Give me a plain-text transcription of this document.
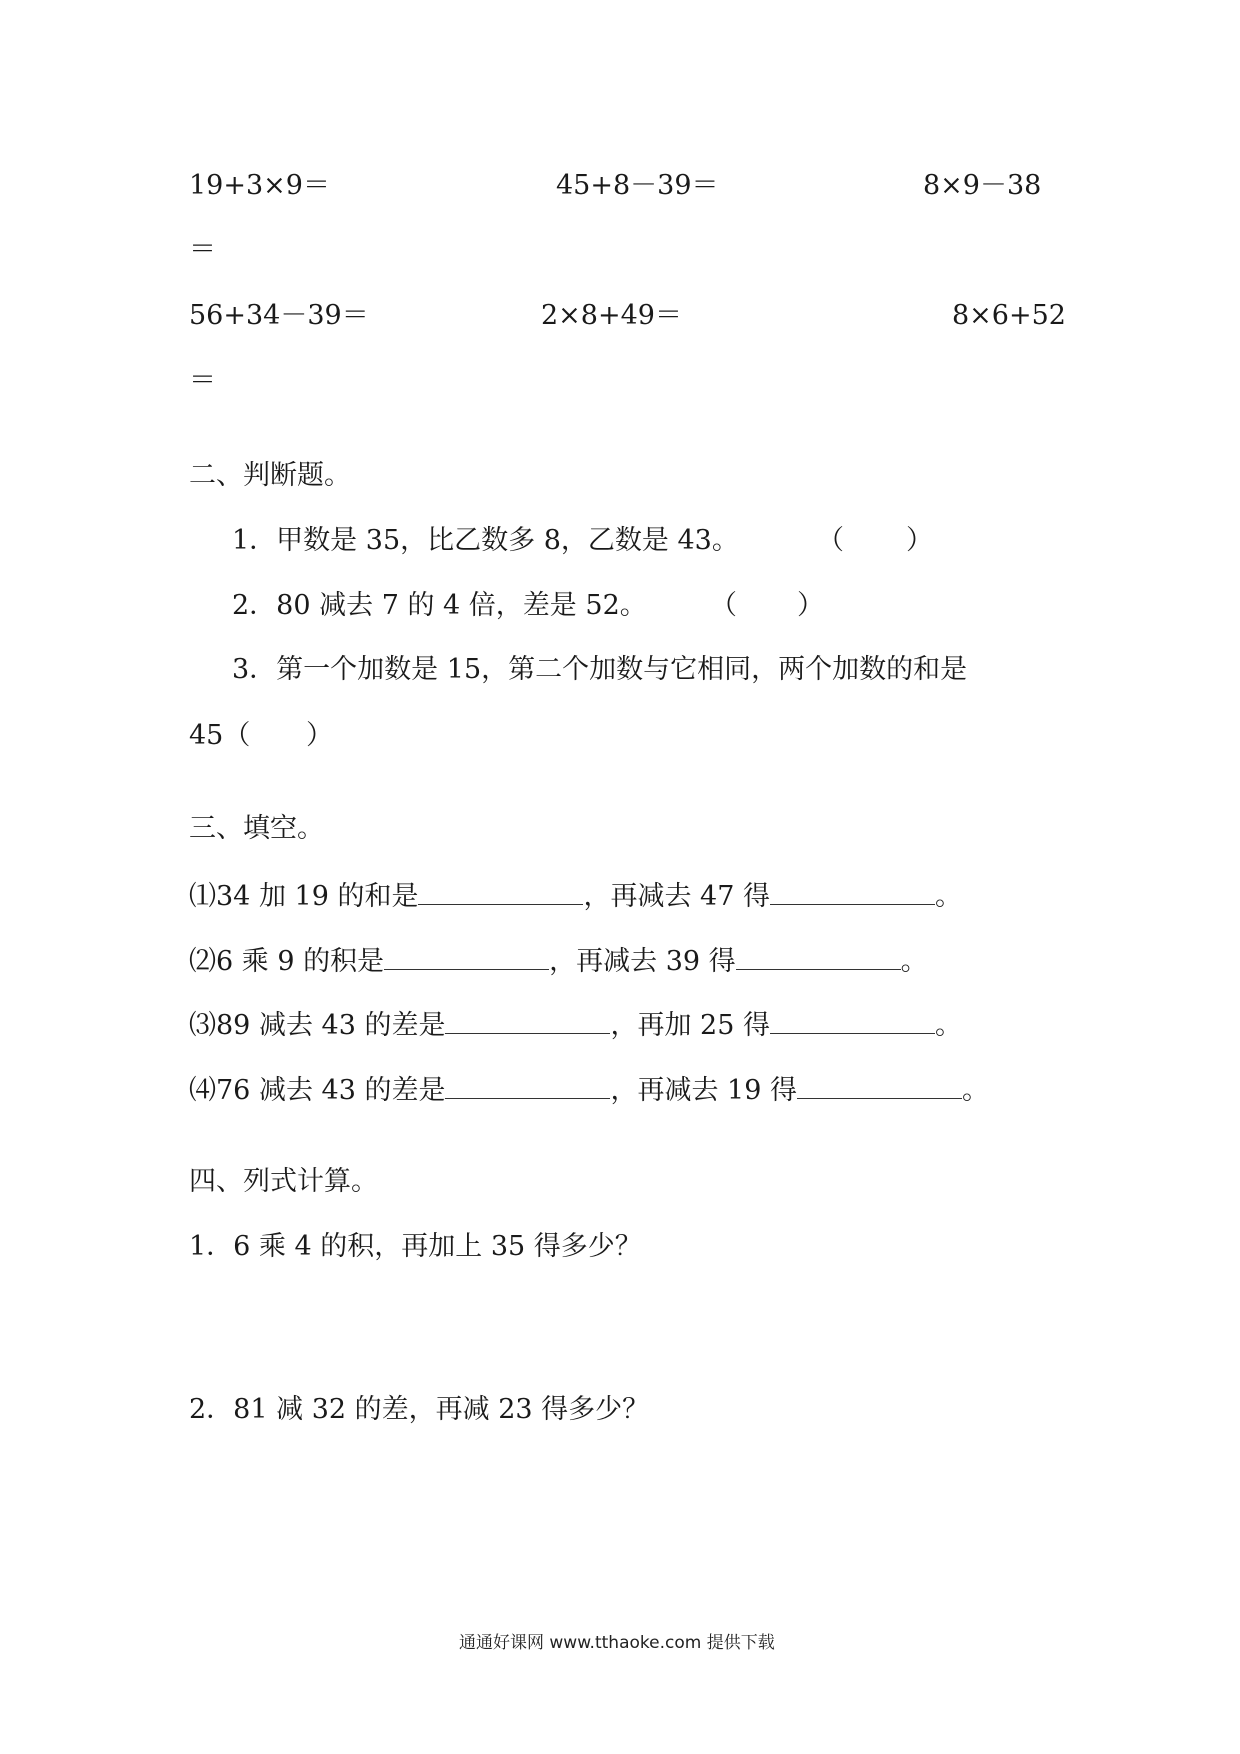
19+3×9＝	45+8－39＝	8×9－38
＝
56+34－39＝	2×8+49＝	8×6+52
＝
二、判断题。
1．甲数是 35，比乙数多 8，乙数是 43。	（ ）
2．80 减去 7 的 4 倍，差是 52。 （ ）
3．第一个加数是 15，第二个加数与它相同，两个加数的和是
45（ ）
三、填空。
⑴34 加 19 的和是	，再减去 47 得	。
⑵6 乘 9 的积是	，再减去 39 得	。
⑶89 减去 43 的差是	，再加 25 得	。
⑷76 减去 43 的差是	，再减去 19 得	。
四、列式计算。
1．6 乘 4 的积，再加上 35 得多少？
2．81 减 32 的差，再减 23 得多少？
通通好课网 www.tthaoke.com 提供下载
